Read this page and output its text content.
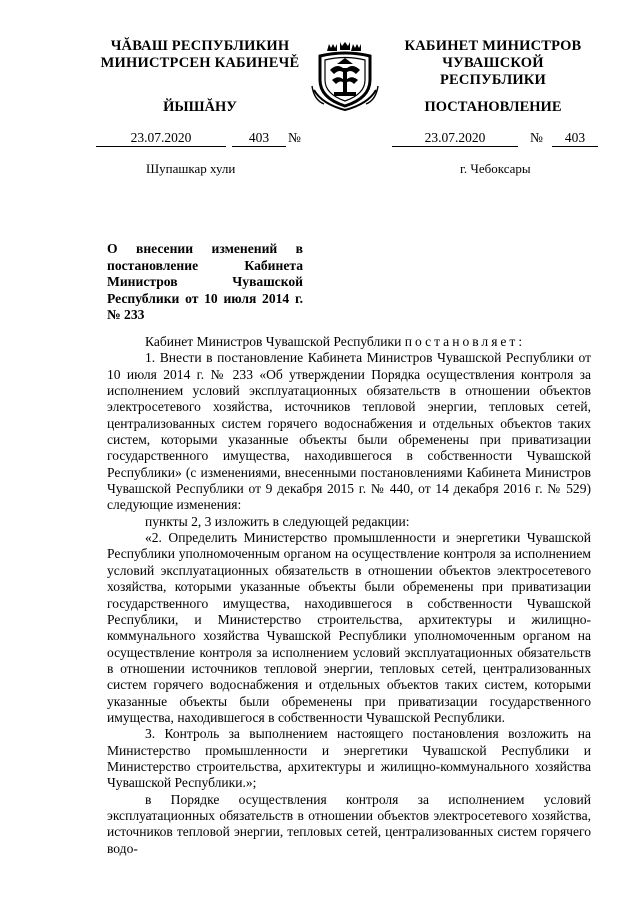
ЧĂВАШ РЕСПУБЛИКИН
МИНИСТРСЕН КАБИНЕЧĚ
КАБИНЕТ МИНИСТРОВ
ЧУВАШСКОЙ РЕСПУБЛИКИ
ЙЫШĂНУ	ПОСТАНОВЛЕНИЕ
23.07.2020	403	№	23.07.2020	№	403
Шупашкар хули	г. Чебоксары
О внесении изменений в постановление Кабинета Министров Чувашской Республики от 10 июля 2014 г. № 233

Кабинет Министров Чувашской Республики постановляет:

1. Внести в постановление Кабинета Министров Чувашской Республики от 10 июля 2014 г. № 233 «Об утверждении Порядка осуществления контроля за исполнением условий эксплуатационных обязательств в отношении объектов электросетевого хозяйства, источников тепловой энергии, тепловых сетей, централизованных систем горячего водоснабжения и отдельных объектов таких систем, которыми указанные объекты были обременены при приватизации государственного имущества, находившегося в собственности Чувашской Республики» (с изменениями, внесенными постановлениями Кабинета Министров Чувашской Республики от 9 декабря 2015 г. № 440, от 14 декабря 2016 г. № 529) следующие изменения:

пункты 2, 3 изложить в следующей редакции:

«2. Определить Министерство промышленности и энергетики Чувашской Республики уполномоченным органом на осуществление контроля за исполнением условий эксплуатационных обязательств в отношении объектов электросетевого хозяйства, которыми указанные объекты были обременены при приватизации государственного имущества, находившегося в собственности Чувашской Республики, и Министерство строительства, архитектуры и жилищно-коммунального хозяйства Чувашской Республики уполномоченным органом на осуществление контроля за исполнением условий эксплуатационных обязательств в отношении источников тепловой энергии, тепловых сетей, централизованных систем горячего водоснабжения и отдельных объектов таких систем, которыми указанные объекты были обременены при приватизации государственного имущества, находившегося в собственности Чувашской Республики.

3. Контроль за выполнением настоящего постановления возложить на Министерство промышленности и энергетики Чувашской Республики и Министерство строительства, архитектуры и жилищно-коммунального хозяйства Чувашской Республики.»;

в Порядке осуществления контроля за исполнением условий эксплуатационных обязательств в отношении объектов электросетевого хозяйства, источников тепловой энергии, тепловых сетей, централизованных систем горячего водо-
